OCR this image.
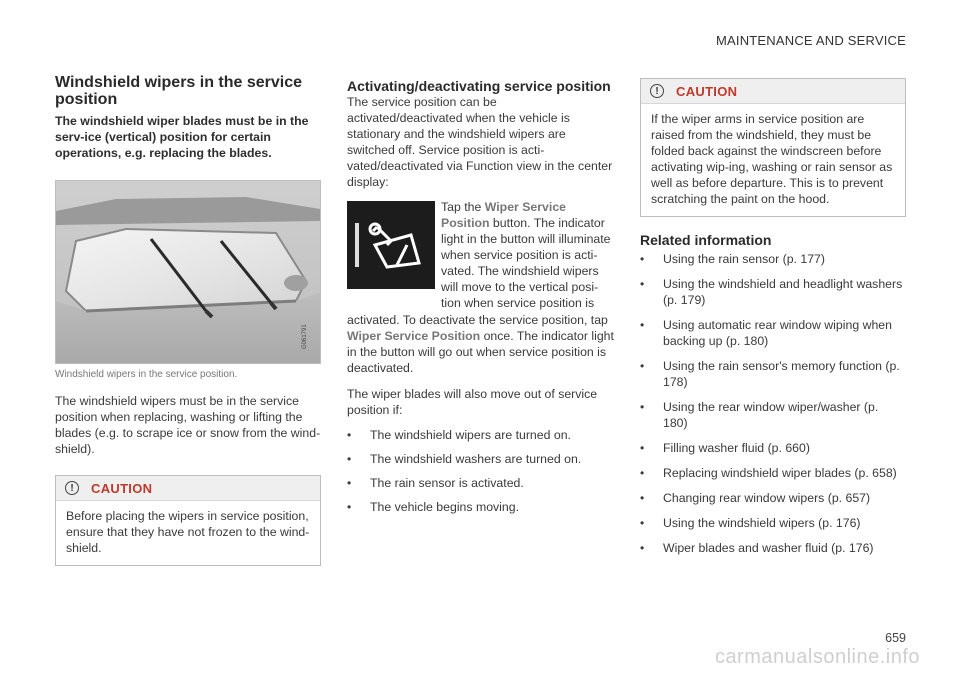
MAINTENANCE AND SERVICE
Windshield wipers in the service position

The windshield wiper blades must be in the serv-ice (vertical) position for certain operations, e.g. replacing the blades.

G061791

Windshield wipers in the service position.

The windshield wipers must be in the service position when replacing, washing or lifting the blades (e.g. to scrape ice or snow from the wind-shield).

!	CAUTION
Before placing the wipers in service position, ensure that they have not frozen to the wind-shield.
Activating/deactivating service position

The service position can be activated/deactivated when the vehicle is stationary and the windshield wipers are switched off. Service position is acti-vated/deactivated via Function view in the center display:

Tap the Wiper Service Position button. The indicator light in the button will illuminate when service position is acti-vated. The windshield wipers will move to the vertical posi-tion when service position is

activated. To deactivate the service position, tap Wiper Service Position once. The indicator light in the button will go out when service position is deactivated.

The wiper blades will also move out of service position if:

• The windshield wipers are turned on.
• The windshield washers are turned on.
• The rain sensor is activated.
• The vehicle begins moving.
!	CAUTION
If the wiper arms in service position are raised from the windshield, they must be folded back against the windscreen before activating wip-ing, washing or rain sensor as well as before departure. This is to prevent scratching the paint on the hood.
Related information
• Using the rain sensor (p. 177)
• Using the windshield and headlight washers (p. 179)
• Using automatic rear window wiping when backing up (p. 180)
• Using the rain sensor's memory function (p. 178)
• Using the rear window wiper/washer (p. 180)
• Filling washer fluid (p. 660)
• Replacing windshield wiper blades (p. 658)
• Changing rear window wipers (p. 657)
• Using the windshield wipers (p. 176)
• Wiper blades and washer fluid (p. 176)
659
carmanualsonline.info
